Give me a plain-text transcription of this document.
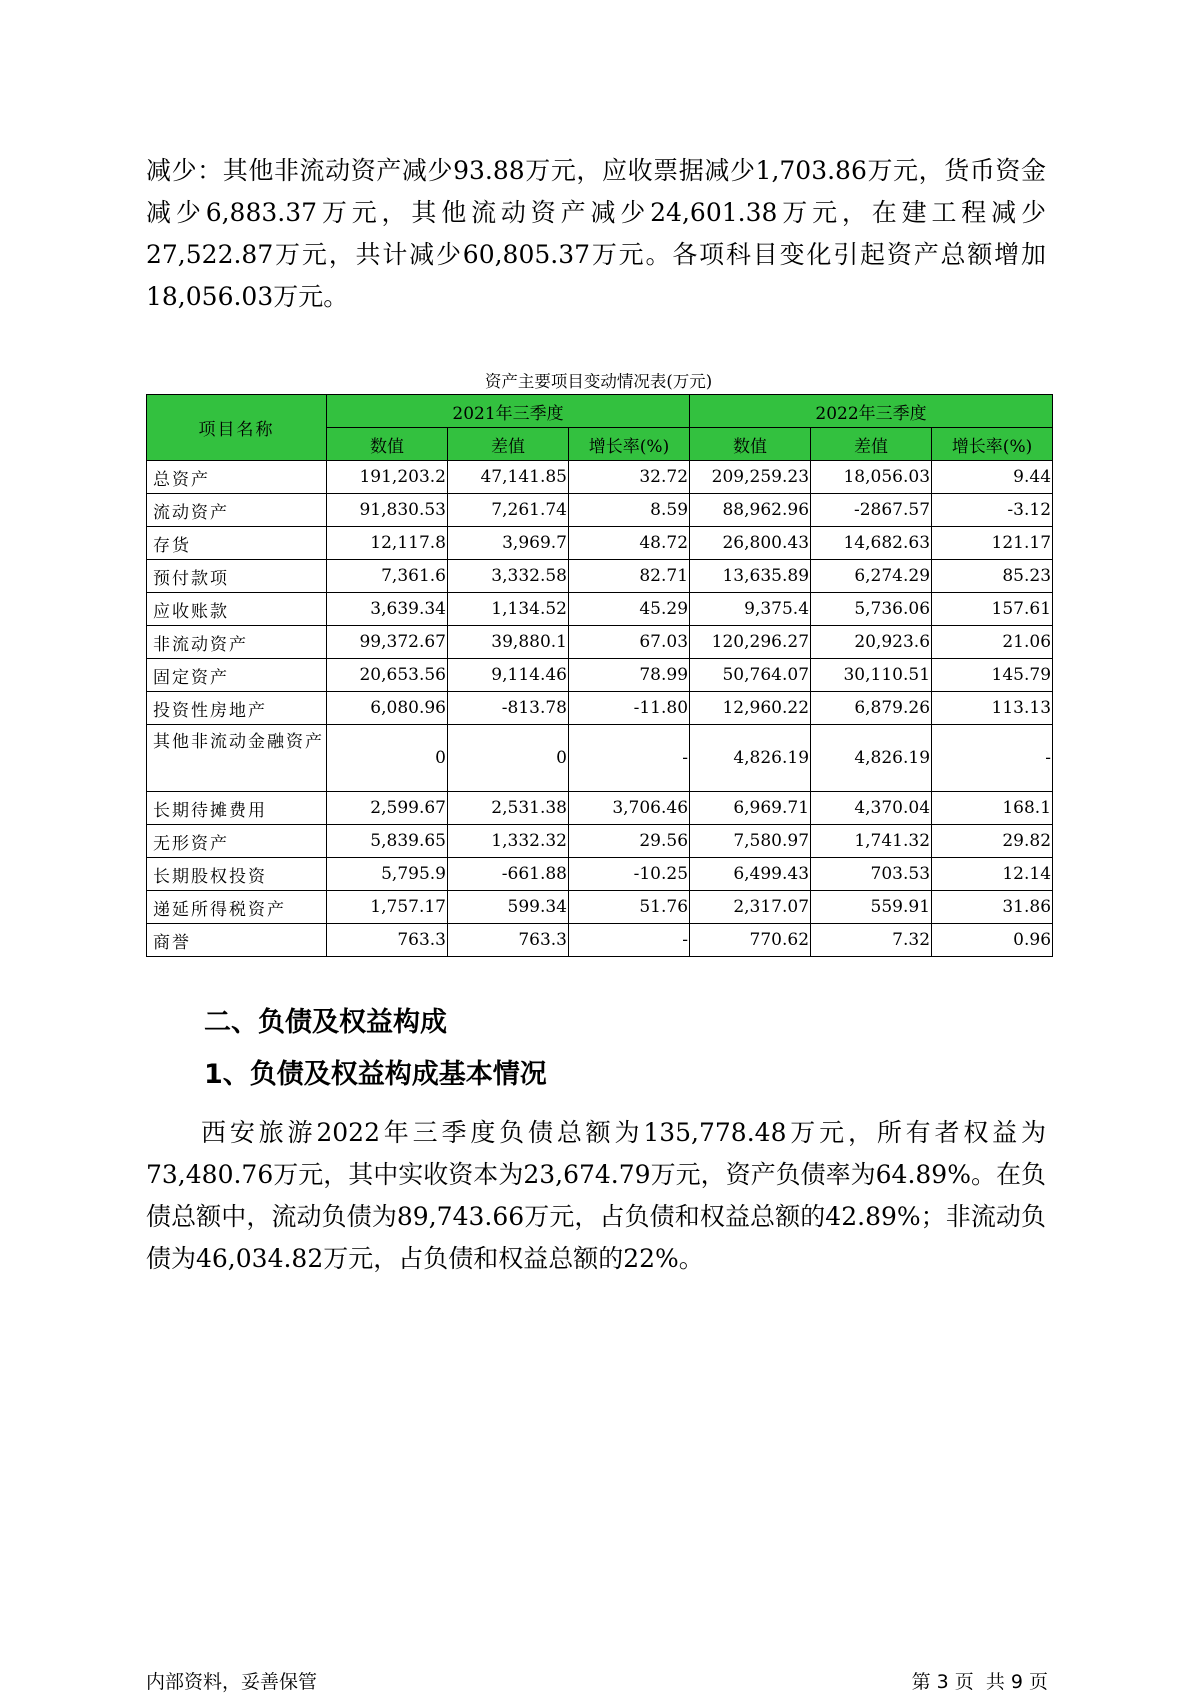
减少：其他非流动资产减少93.88万元，应收票据减少1,703.86万元，货币资金减少6,883.37万元，其他流动资产减少24,601.38万元，在建工程减少27,522.87万元，共计减少60,805.37万元。各项科目变化引起资产总额增加18,056.03万元。

资产主要项目变动情况表(万元)
项目名称	2021年三季度			2022年三季度		
	数值	差值	增长率(%)	数值	差值	增长率(%)
总资产	191,203.2	47,141.85	32.72	209,259.23	18,056.03	9.44
流动资产	91,830.53	7,261.74	8.59	88,962.96	-2867.57	-3.12
存货	12,117.8	3,969.7	48.72	26,800.43	14,682.63	121.17
预付款项	7,361.6	3,332.58	82.71	13,635.89	6,274.29	85.23
应收账款	3,639.34	1,134.52	45.29	9,375.4	5,736.06	157.61
非流动资产	99,372.67	39,880.1	67.03	120,296.27	20,923.6	21.06
固定资产	20,653.56	9,114.46	78.99	50,764.07	30,110.51	145.79
投资性房地产	6,080.96	-813.78	-11.80	12,960.22	6,879.26	113.13
其他非流动金融资产	0	0	-	4,826.19	4,826.19	-
长期待摊费用	2,599.67	2,531.38	3,706.46	6,969.71	4,370.04	168.1
无形资产	5,839.65	1,332.32	29.56	7,580.97	1,741.32	29.82
长期股权投资	5,795.9	-661.88	-10.25	6,499.43	703.53	12.14
递延所得税资产	1,757.17	599.34	51.76	2,317.07	559.91	31.86
商誉	763.3	763.3	-	770.62	7.32	0.96
二、负债及权益构成
1、负债及权益构成基本情况

西安旅游2022年三季度负债总额为135,778.48万元，所有者权益为73,480.76万元，其中实收资本为23,674.79万元，资产负债率为64.89%。在负债总额中，流动负债为89,743.66万元，占负债和权益总额的42.89%；非流动负债为46,034.82万元，占负债和权益总额的22%。

内部资料，妥善保管	第 3 页  共 9 页
